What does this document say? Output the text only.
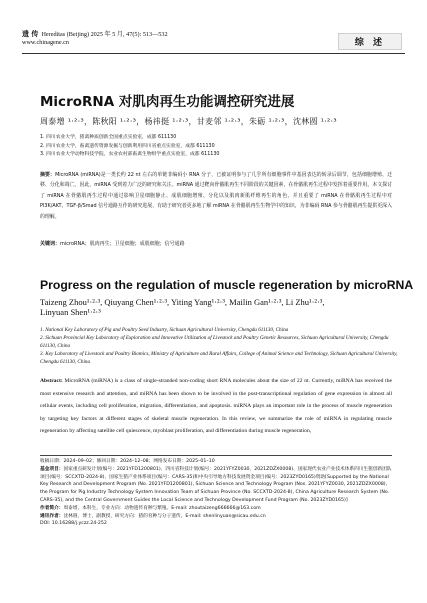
遗 传 Hereditas (Beijing) 2025 年 5 月, 47(5): 513―532
www.chinagene.cn	综 述
MicroRNA 对肌肉再生功能调控研究进展
周泰增 ¹·²·³，陈秋阳 ¹·²·³，杨祎挺 ¹·²·³，甘麦邻 ¹·²·³，朱砺 ¹·²·³，沈林圆 ¹·²·³
1. 四川农业大学，猪禽种质创新全国重点实验室，成都 611130
2. 四川农业大学，畜禽遗传资源发掘与创新利用四川省重点实验室，成都 611130
3. 四川农业大学动物科技学院，农业农村部畜禽生物组学重点实验室，成都 611130
摘要：MicroRNA (miRNA)是一类长约 22 nt 左右的单链非编码小 RNA 分子，已被证明参与了几乎所有细胞事件中基因表达的转录后调节，包括细胞增殖、迁移、分化和凋亡。因此，miRNA 受到着力广泛的研究和关注。miRNA 通过靶向骨骼肌再生不同阶段的关键因素，在骨骼肌再生过程中发挥着重要作用。本文探讨了 miRNA 在骨骼肌再生过程中通过影响卫星细胞静止、成肌细胞增殖、分化以及肌肉新肌纤维再生的角色，并且重要了 miRNA 在骨骼肌再生过程中对 PI3K/AKT、TGF-β/Smad 信号通路互作的研究进展，有助于研究者更多地了解 miRNA 在骨骼肌再生生物学中的知识，为非编码 RNA 参与骨骼肌再生提供更深入的理解。
关键词：microRNA；肌肉再生；卫星细胞；成肌细胞；信号通路
Progress on the regulation of muscle regeneration by microRNA
Taizeng Zhou¹·²·³, Qiuyang Chen¹·²·³, Yiting Yang¹·²·³, Mailin Gan¹·²·³, Li Zhu¹·²·³,
Linyuan Shen¹·²·³
1. National Key Laboratory of Pig and Poultry Seed Industry, Sichuan Agricultural University, Chengdu 611130, China
2. Sichuan Provincial Key Laboratory of Exploration and Innovative Utilization of Livestock and Poultry Genetic Resources, Sichuan Agricultural University, Chengdu 611130, China
3. Key Laboratory of Livestock and Poultry Biomics, Ministry of Agriculture and Rural Affairs, College of Animal Science and Technology, Sichuan Agricultural University, Chengdu 611130, China
Abstract: MicroRNA (miRNA) is a class of single-stranded non-coding short RNA molecules about the size of 22 nt. Currently, miRNA has received the most extensive research and attention, and miRNA has been shown to be involved in the post-transcriptional regulation of gene expression in almost all cellular events, including cell proliferation, migration, differentiation, and apoptosis. miRNA plays an important role in the process of muscle regeneration by targeting key factors at different stages of skeletal muscle regeneration. In this review, we summarize the role of miRNA in regulating muscle regeneration by affecting satellite cell quiescence, myoblast proliferation, and differentiation during muscle regeneration,
收稿日期：2024–09–02；修回日期：2024–12–08；网络发布日期：2025–01–10
基金项目：国家重点研发计划(编号：2021YFD1200801)、四川省科技计划(编号：2021YFYZ0030、2021ZDZX0008)、国家现代农业产业技术体系四川生猪创新团队项目(编号：SCCXTD-2024-8)、国家生猪产业体系项目(编号：CARS-35)和中央引导地方科技发展资金项目(编号：2023ZYD0165)资助[Supported by the National Key Research and Development Program (No. 2021YFD1200801), Sichuan Science and Technology Program (Nos. 2021YFYZ0030, 2021ZDZX0008), the Program for Pig Industry Technology System Innovation Team of Sichuan Province (No. SCCXTD-2024-8), China Agriculture Research System (No. CARS-35), and the Central Government Guides the Local Science and Technology Development Fund Program (No. 2023ZYD0165)]
作者简介：周泰增，本科生，专业方向：动物遗传育种与繁殖。E-mail: zhoutaizeng666666@163.com
通讯作者：沈林圆，博士，副教授，研究方向：猪的育种与分子遗传。E-mail: shenlinyuan@sicau.edu.cn
DOI: 10.16288/j.yczz.24-252
